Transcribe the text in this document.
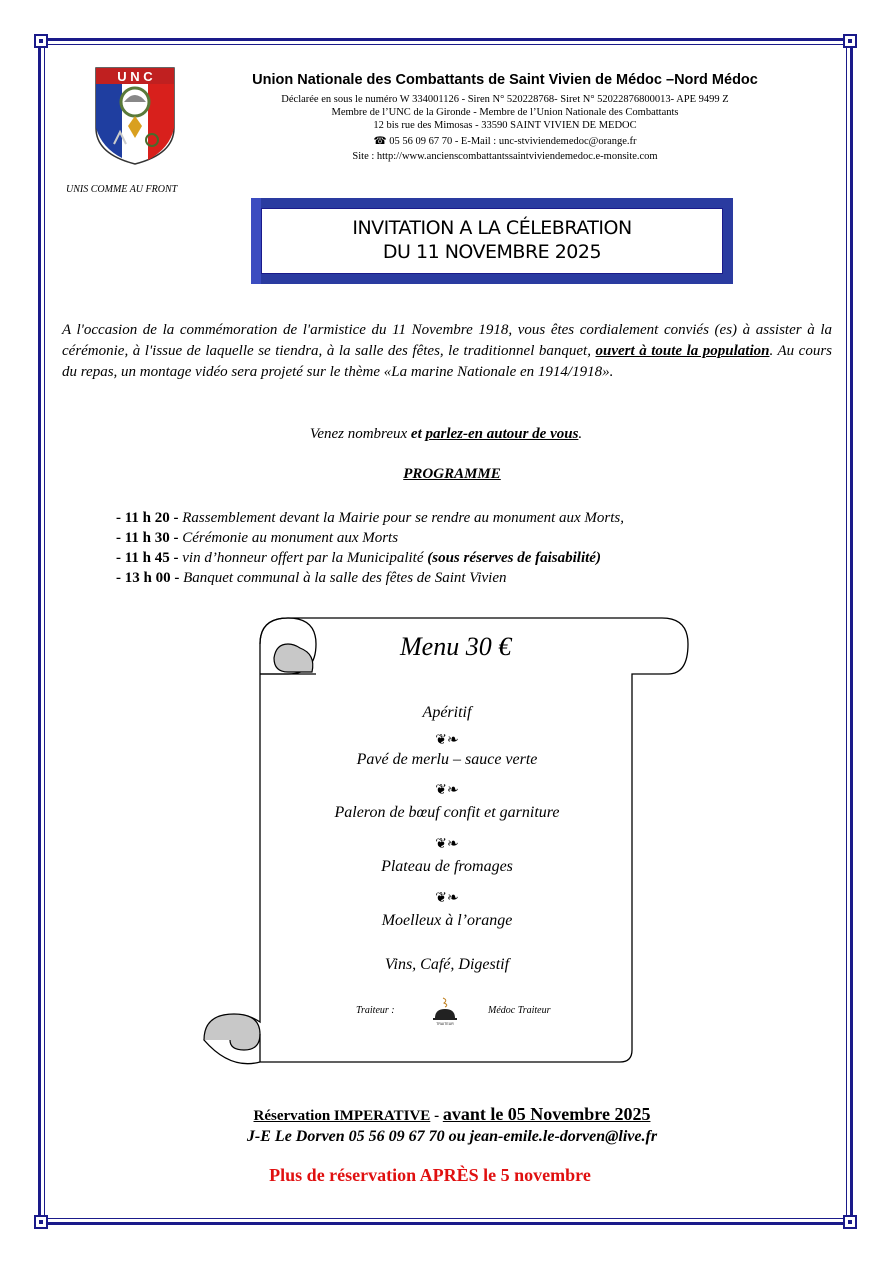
U N C
UNIS COMME AU FRONT
Union Nationale des Combattants de Saint Vivien de Médoc –Nord Médoc
Déclarée en sous le numéro W 334001126 - Siren N° 520228768- Siret N° 52022876800013- APE 9499 Z
Membre de l’UNC de la Gironde - Membre de l’Union Nationale des Combattants
12 bis rue des Mimosas - 33590 SAINT VIVIEN DE MEDOC
☎ 05 56 09 67 70 - E-Mail : unc-stviviendemedoc@orange.fr
Site : http://www.ancienscombattantssaintviviendemedoc.e-monsite.com
INVITATION A LA CÉLEBRATION
DU 11 NOVEMBRE 2025
A l'occasion de la commémoration de l'armistice du 11 Novembre 1918, vous êtes cordialement conviés (es) à assister à la cérémonie, à l'issue de laquelle se tiendra, à la salle des fêtes, le traditionnel banquet, ouvert à toute la population. Au cours du repas, un montage vidéo sera projeté sur le thème «La marine Nationale en 1914/1918».
Venez nombreux et parlez-en autour de vous.
PROGRAMME
- 11 h 20 - Rassemblement devant la Mairie pour se rendre au monument aux Morts,
- 11 h 30 - Cérémonie au monument aux Morts
- 11 h 45 - vin d’honneur offert par la Municipalité (sous réserves de faisabilité)
- 13 h 00 - Banquet communal à la salle des fêtes de Saint Vivien
Menu 30 €
Apéritif
❦❧
Pavé de merlu – sauce verte
❦❧
Paleron de bœuf confit et garniture
❦❧
Plateau de fromages
❦❧
Moelleux à l’orange
Vins, Café, Digestif
Traiteur :
TRAITEUR
Médoc Traiteur
Réservation IMPERATIVE - avant le 05 Novembre 2025
J-E Le Dorven 05 56 09 67 70 ou jean-emile.le-dorven@live.fr
Plus de réservation APRÈS le 5 novembre
